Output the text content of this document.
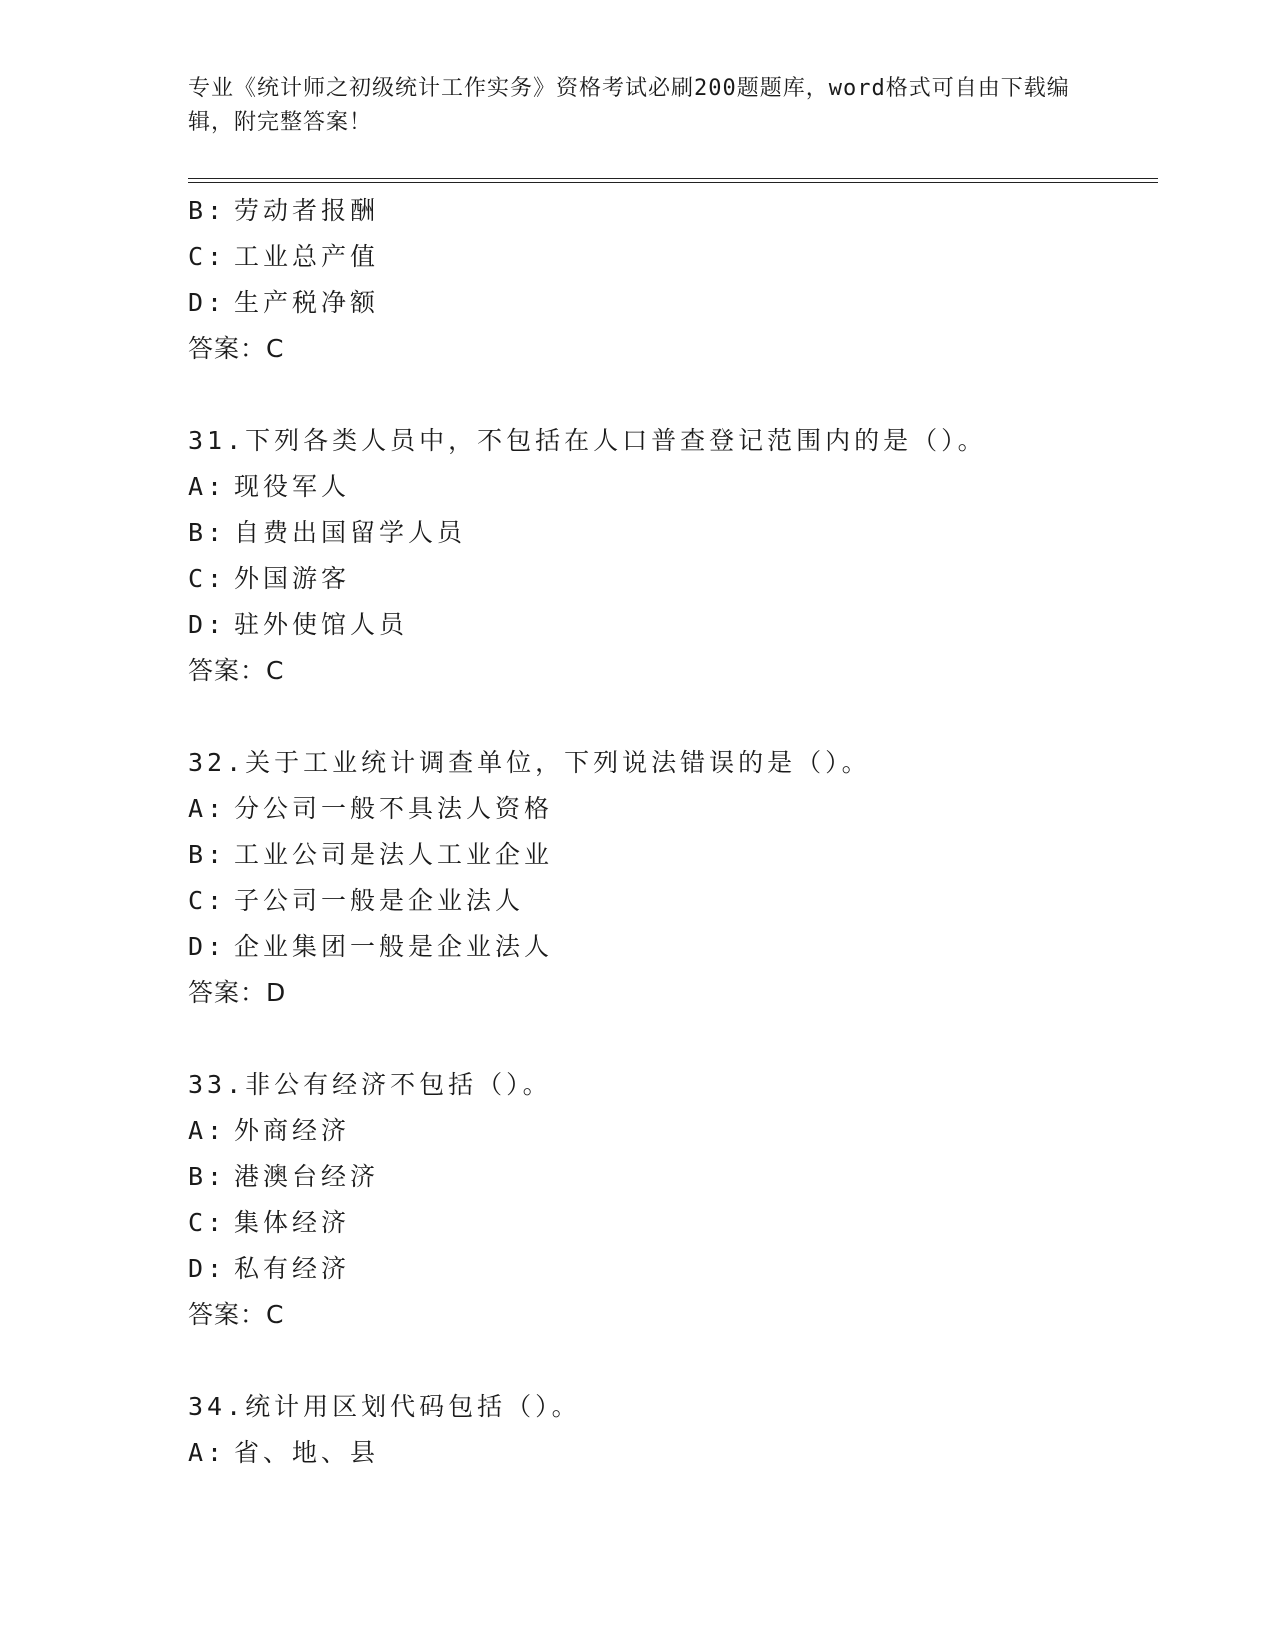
专业《统计师之初级统计工作实务》资格考试必刷200题题库，word格式可自由下载编辑，附完整答案！
B: 劳动者报酬
C: 工业总产值
D: 生产税净额
答案：C
31.下列各类人员中，不包括在人口普查登记范围内的是（）。
A: 现役军人
B: 自费出国留学人员
C: 外国游客
D: 驻外使馆人员
答案：C
32.关于工业统计调查单位，下列说法错误的是（）。
A: 分公司一般不具法人资格
B: 工业公司是法人工业企业
C: 子公司一般是企业法人
D: 企业集团一般是企业法人
答案：D
33.非公有经济不包括（）。
A: 外商经济
B: 港澳台经济
C: 集体经济
D: 私有经济
答案：C
34.统计用区划代码包括（）。
A: 省、地、县
